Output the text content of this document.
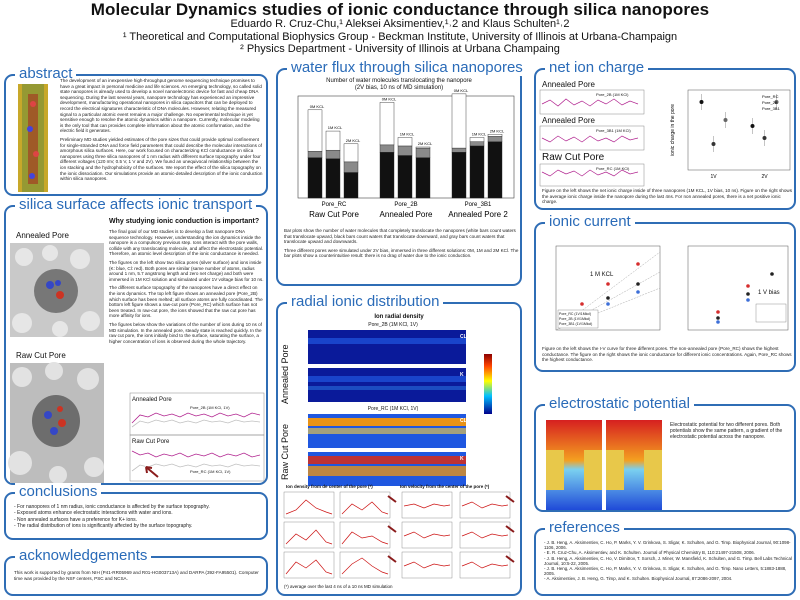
Molecular Dynamics studies of ionic conductance through silica nanopores
Eduardo R. Cruz-Chu,¹ Aleksei Aksimentiev,¹˒2 and Klaus Schulten¹˒2
¹ Theoretical and Computational Biophysics Group - Beckman Institute, University of Illinois at Urbana-Champaign
² Physics Department - University of Illinois at Urbana Champaing
abstract

The development of an inexpensive high-throughput genome sequencing technique promises to have a great impact in personal medicine and life sciences. An emerging technology, so called solid state nanopores is already used to develop a novel nanoelectronic device for fast and cheap DNA sequencing. During the last several years, nanopore technology has experienced an impressive development, manufacturing operational nanopores in silica capacitors that can be deployed to record the electrical signatures characteristic of DNA molecules. However, relating the measured signal to a particular atomic event remains a major challenge. No experimental technique is yet sensitive enough to resolve the atomic dynamics within a nanopore. Currently, molecular modeling is the only tool that can provides complete information about the atomic conformation, and the electric field it generates.

Preliminary MD studies yielded estimates of the pore sizes that could provide optimal confinement for single-stranded DNA and force field parameters that could describe the molecular interactions of amorphous silica surfaces. Here, our work focused on characterizing KCl conductance on silica nanopores using three silica nanopores of 1 nm radius with different surface topography under four different voltages (120 mV, 0.5 V, 1 V and 2V). We found an unequivocal relationship between the ion stacking and the hydrophobicity of the surfaces. We report the effect of the silica topography on the ionic dissociation. Our simulations provide an atomic-detailed description of the ionic conduction within silica nanopores.

silica surface affects ionic transport
Annealed Pore
Raw Cut Pore
Why studying ionic conduction is important?

The final goal of our MD studies is to develop a fast nanopore DNA sequence technology. However, understanding the ion dynamics inside the nanopore is a compulsory previous step. Ions interact with the pore walls, collide with any translocating molecule, and affect the electrostatic potential. Therefore, an atomic level description of the ionic conductance is needed.

The figures on the left show two silica pores (silver surface) and ions inside (K: blue, Cl: red). Both pores are similar (same number of atoms, radius around 1 nm, 5.7 angstrong length and zero net charge) and both were immersed in 1M KCl solution and simulated under 1V voltage bias for 10 ns.

The different surface topography of the nanopores have a direct effect on the ions dynamics. The top left figure shows an annealed pore (Pore_2B) which surface has been melted; all surface atoms are fully coordinated. The bottom left figure shows a raw-cut pore (Pore_RC) which surface has not been treated. In raw-cut pore, the ions showed that the raw cut pore has more affinity for ions.

The figures below show the variations of the number of ions during 10 ns of MD simulation. In the annealed pore, steady state is reached quickly. In the raw cut pore, the ions initially bind to the surface, saturating the surface, a higher concentration of ions is observed during the whole trajectory.

Annealed Pore
Pore_2B (1M KCl, 1V)
Raw Cut Pore
Pore_RC (1M KCl, 1V)
conclusions
- For nanopores of 1 nm radius, ionic conductance is affected by the surface topography.
- Exposed atoms enhance electrostatic interactions with water and ions.
- Non annealed surfaces have a preference for K+ ions.
- The radial distribution of ions is significantly affected by the surface topography.
acknowledgements
This work is supported by grants from NIH (P41-RR05969 and R01-HG003713A) and DARPA (392-FA95501). Computer time was provided by the NSF centers, PSC and NCSA.
water flux through silica nanopores
Number of water molecules translocating the nanopore
(2V bias, 10 ns of MD simulation)
0M KCL
1M KCL
2M KCL
Pore_RC
Raw Cut Pore
0M KCL
1M KCL
2M KCL
Pore_2B
Annealed Pore
0M KCL
1M KCL
2M KCL
Pore_3B1
Annealed Pore 2

Bar plots show the number of water molecules that completely translocate the nanopores (white bars count waters that translocate upward, black bars count waters that translocate downward, and gray bars count waters that translocate upward and downwards.

Three different pores were simulated under 2V bias, immersed in three different solutions: 0M, 1M and 2M KCl. The bar plots show a counterintuitive result: there is no drag of water due to the ionic conduction.

net ion charge
Annealed Pore
Pore_2B (1M KCl)
Annealed Pore
Pore_3B1 (1M KCl)
Raw Cut Pore
Pore_RC (1M KCl)
ionic charge in the pore
1V	2V
Pore_RC
Pore_2B
Pore_3B1
Figure on the left shows the net ionic charge inside of three nanopores (1M KCL, 1V bias, 10 ns). Figure on the right shows the average ionic charge inside the nanopore during the last 4ns. For non annealed pores, there is a net positive ionic charge.
radial ionic distribution
Ion radial density
Pore_2B (1M KCl, 1V)
Annealed Pore
CL
K
Pore_RC (1M KCl, 1V)
Raw Cut Pore
CL
K
Ion density from de center of the pore (*)	Ion velocity from the center of the pore (*)
(*) average over the last 4 ns of a 10 ns MD simulation
ionic current
1 M KCL
Pore_RC (1V/1Mkcl)
Pore_2B (1V/1Mkcl)
Pore_3B1 (1V/1Mkcl)
1 V bias
Figure on the left shows the I-V curve for three different pores. The non-annealed pore (Pore_RC) shows the highest conductance. The figure on the right shows the ionic conductance for different ionic concentrations. Again, Pore_RC shows the highest conductance.
electrostatic potential
Electrostatic potential for two different pores. Both potentials show the same pattern, a gradient of the electrostatic potential across the nanopore.
references
- J. B. Heng, A. Aksimentiev, C. Ho, P. Marks, Y. V. Grinkova, S. Sligar, K. Schulten, and G. Timp. Biophysical Journal, 90:1098-1106, 2006.
- E. R. Cruz-Chu, A. Aksimentiev, and K. Schulten. Journal of Physical Chemistry B, 110:21497-21508, 2006.
- J. B. Heng, A. Aksimentiev, C. Ho, V. Dimitrov, T. Sorsch, J. Miner, W. Mansfield, K. Schulten, and G. Timp. Bell Labs Technical Journal, 10:5-22, 2005.
- J. B. Heng, A. Aksimentiev, C. Ho, P. Marks, Y. V. Grinkova, S. Sligar, K. Schulten, and G. Timp. Nano Letters, 5:1883-1888, 2005.
- A. Aksimentiev, J. B. Heng, G. Timp, and K. Schulten. Biophysical Journal, 87:2086-2097, 2004.
